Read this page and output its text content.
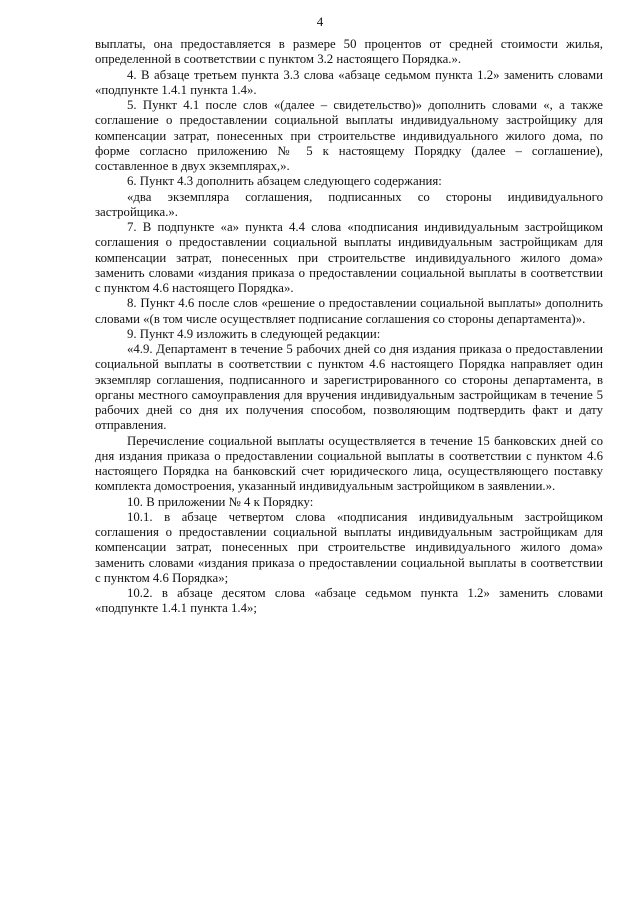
4

выплаты, она предоставляется в размере 50 процентов от средней стоимости жилья, определенной в соответствии с пунктом 3.2 настоящего Порядка.».

4. В абзаце третьем пункта 3.3 слова «абзаце седьмом пункта 1.2» заменить словами «подпункте 1.4.1 пункта 1.4».

5. Пункт 4.1 после слов «(далее – свидетельство)» дополнить словами «, а также соглашение о предоставлении социальной выплаты индивидуальному застройщику для компенсации затрат, понесенных при строительстве индивидуального жилого дома, по форме согласно приложению № 5 к настоящему Порядку (далее – соглашение), составленное в двух экземплярах,».

6. Пункт 4.3 дополнить абзацем следующего содержания:

«два экземпляра соглашения, подписанных со стороны индивидуального застройщика.».

7. В подпункте «а» пункта 4.4 слова «подписания индивидуальным застройщиком соглашения о предоставлении социальной выплаты индивидуальным застройщикам для компенсации затрат, понесенных при строительстве индивидуального жилого дома» заменить словами «издания приказа о предоставлении социальной выплаты в соответствии с пунктом 4.6 настоящего Порядка».

8. Пункт 4.6 после слов «решение о предоставлении социальной выплаты» дополнить словами «(в том числе осуществляет подписание соглашения со стороны департамента)».

9. Пункт 4.9 изложить в следующей редакции:

«4.9. Департамент в течение 5 рабочих дней со дня издания приказа о предоставлении социальной выплаты в соответствии с пунктом 4.6 настоящего Порядка направляет один экземпляр соглашения, подписанного и зарегистрированного со стороны департамента, в органы местного самоуправления для вручения индивидуальным застройщикам в течение 5 рабочих дней со дня их получения способом, позволяющим подтвердить факт и дату отправления.

Перечисление социальной выплаты осуществляется в течение 15 банковских дней со дня издания приказа о предоставлении социальной выплаты в соответствии с пунктом 4.6 настоящего Порядка на банковский счет юридического лица, осуществляющего поставку комплекта домостроения, указанный индивидуальным застройщиком в заявлении.».

10. В приложении № 4 к Порядку:

10.1. в абзаце четвертом слова «подписания индивидуальным застройщиком соглашения о предоставлении социальной выплаты индивидуальным застройщикам для компенсации затрат, понесенных при строительстве индивидуального жилого дома» заменить словами «издания приказа о предоставлении социальной выплаты в соответствии с пунктом 4.6 Порядка»;

10.2. в абзаце десятом слова «абзаце седьмом пункта 1.2» заменить словами «подпункте 1.4.1 пункта 1.4»;
